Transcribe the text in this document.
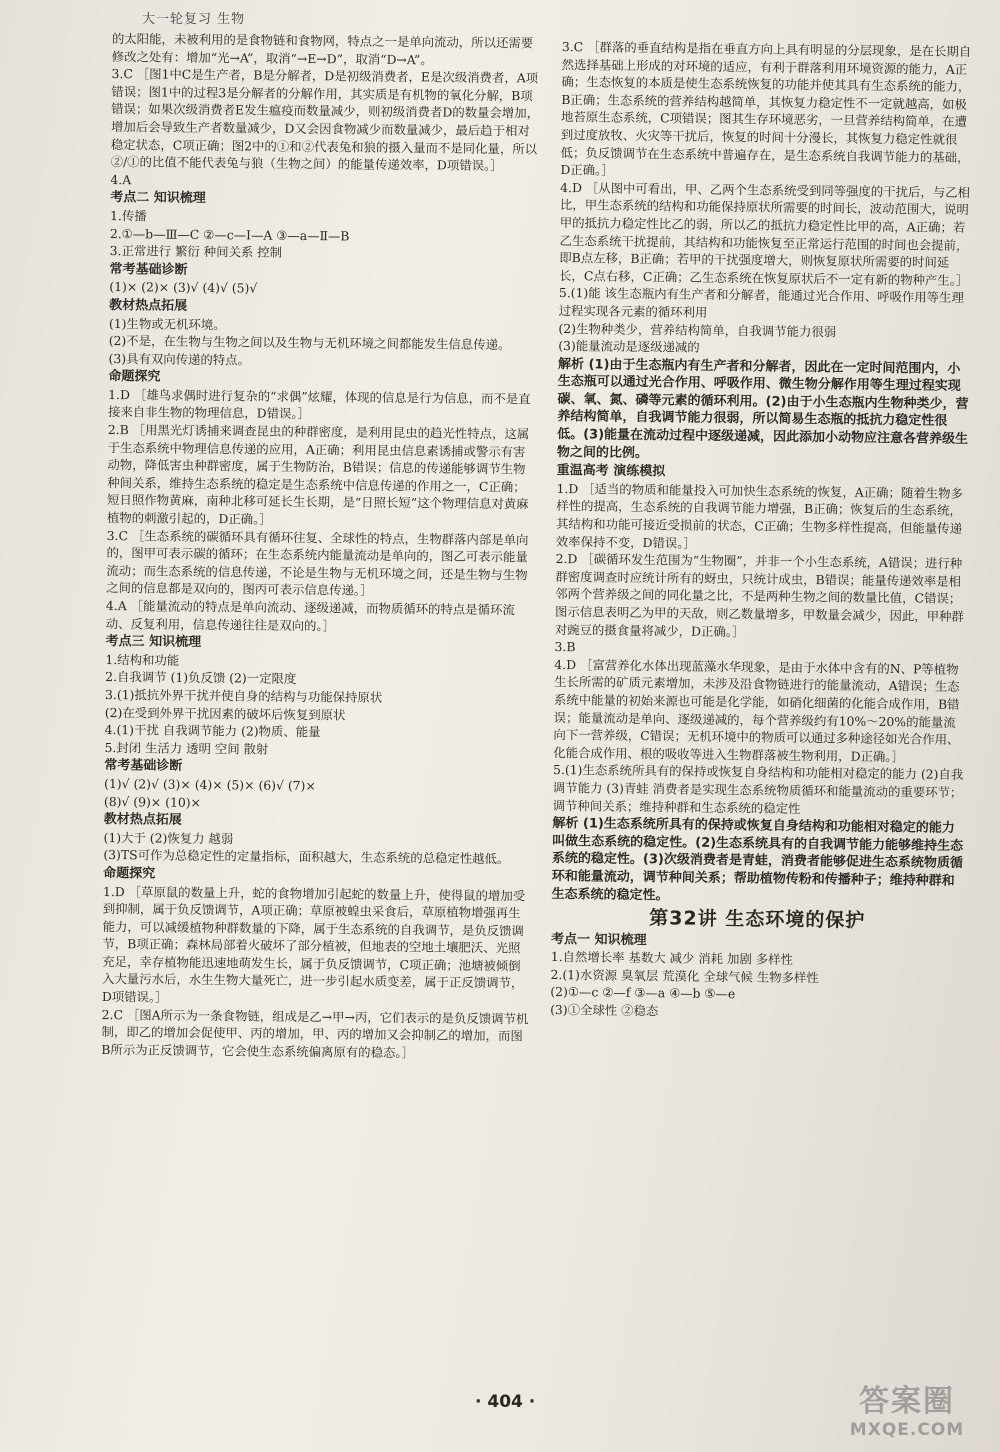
大一轮复习 生物

的太阳能，未被利用的是食物链和食物网，特点之一是单向流动，所以还需要修改之处有：增加“光→A”，取消“→E→D”，取消“D→A”。

3.C ［图1中C是生产者，B是分解者，D是初级消费者，E是次级消费者，A项错误；图1中的过程3是分解者的分解作用，其实质是有机物的氧化分解，B项错误；如果次级消费者E发生瘟疫而数量减少，则初级消费者D的数量会增加，增加后会导致生产者数量减少，D又会因食物减少而数量减少，最后趋于相对稳定状态，C项正确；图2中的①和②代表兔和狼的摄入量而不是同化量，所以②/①的比值不能代表兔与狼（生物之间）的能量传递效率，D项错误。］

4.A

考点二 知识梳理

1.传播

2.①—b—Ⅲ—C ②—c—Ⅰ—A ③—a—Ⅱ—B

3.正常进行 繁衍 种间关系 控制

常考基础诊断

(1)× (2)× (3)√ (4)√ (5)√

教材热点拓展

(1)生物或无机环境。

(2)不是，在生物与生物之间以及生物与无机环境之间都能发生信息传递。

(3)具有双向传递的特点。

命题探究

1.D ［雄鸟求偶时进行复杂的“求偶”炫耀，体现的信息是行为信息，而不是直接来自非生物的物理信息，D错误。］

2.B ［用黑光灯诱捕来调查昆虫的种群密度，是利用昆虫的趋光性特点，这属于生态系统中物理信息传递的应用，A正确；利用昆虫信息素诱捕或警示有害动物，降低害虫种群密度，属于生物防治，B错误；信息的传递能够调节生物种间关系，维持生态系统的稳定是生态系统中信息传递的作用之一，C正确；短日照作物黄麻，南种北移可延长生长期，是“日照长短”这个物理信息对黄麻植物的刺激引起的，D正确。］

3.C ［生态系统的碳循环具有循环往复、全球性的特点，生物群落内部是单向的，图甲可表示碳的循环；在生态系统内能量流动是单向的，图乙可表示能量流动；而生态系统的信息传递，不论是生物与无机环境之间，还是生物与生物之间的信息都是双向的，图丙可表示信息传递。］

4.A ［能量流动的特点是单向流动、逐级递减，而物质循环的特点是循环流动、反复利用，信息传递往往是双向的。］

考点三 知识梳理

1.结构和功能

2.自我调节 (1)负反馈 (2)一定限度

3.(1)抵抗外界干扰并使自身的结构与功能保持原状

(2)在受到外界干扰因素的破坏后恢复到原状

4.(1)干扰 自我调节能力 (2)物质、能量

5.封闭 生活力 透明 空间 散射

常考基础诊断

(1)√ (2)√ (3)× (4)× (5)× (6)√ (7)×

(8)√ (9)× (10)×

教材热点拓展

(1)大于 (2)恢复力 越弱

(3)TS可作为总稳定性的定量指标，面积越大，生态系统的总稳定性越低。

命题探究

1.D ［草原鼠的数量上升，蛇的食物增加引起蛇的数量上升，使得鼠的增加受到抑制，属于负反馈调节，A项正确；草原被蝗虫采食后，草原植物增强再生能力，可以减缓植物种群数量的下降，属于生态系统的自我调节，是负反馈调节，B项正确；森林局部着火破坏了部分植被，但地表的空地土壤肥沃、光照充足，幸存植物能迅速地萌发生长，属于负反馈调节，C项正确；池塘被倾倒入大量污水后，水生生物大量死亡，进一步引起水质变差，属于正反馈调节，D项错误。］

2.C ［图A所示为一条食物链，组成是乙→甲→丙，它们表示的是负反馈调节机制，即乙的增加会促使甲、丙的增加，甲、丙的增加又会抑制乙的增加，而图B所示为正反馈调节，它会使生态系统偏离原有的稳态。］

3.C ［群落的垂直结构是指在垂直方向上具有明显的分层现象，是在长期自然选择基础上形成的对环境的适应，有利于群落利用环境资源的能力，A正确；生态恢复的本质是使生态系统恢复的功能并使其具有生态系统的能力，B正确；生态系统的营养结构越简单，其恢复力稳定性不一定就越高，如极地苔原生态系统，C项错误；图其生存环境恶劣，一旦营养结构简单，在遭到过度放牧、火灾等干扰后，恢复的时间十分漫长，其恢复力稳定性就很低；负反馈调节在生态系统中普遍存在，是生态系统自我调节能力的基础，D正确。］

4.D ［从图中可看出，甲、乙两个生态系统受到同等强度的干扰后，与乙相比，甲生态系统的结构和功能保持原状所需要的时间长，波动范围大，说明甲的抵抗力稳定性比乙的弱，所以乙的抵抗力稳定性比甲的高，A正确；若乙生态系统干扰提前，其结构和功能恢复至正常运行范围的时间也会提前，即B点左移，B正确；若甲的干扰强度增大，则恢复原状所需要的时间延长，C点右移，C正确；乙生态系统在恢复原状后不一定有新的物种产生。］

5.(1)能 该生态瓶内有生产者和分解者，能通过光合作用、呼吸作用等生理过程实现各元素的循环利用

(2)生物种类少，营养结构简单，自我调节能力很弱

(3)能量流动是逐级递减的

解析 (1)由于生态瓶内有生产者和分解者，因此在一定时间范围内，小生态瓶可以通过光合作用、呼吸作用、微生物分解作用等生理过程实现碳、氧、氮、磷等元素的循环利用。(2)由于小生态瓶内生物种类少，营养结构简单，自我调节能力很弱，所以简易生态瓶的抵抗力稳定性很低。(3)能量在流动过程中逐级递减，因此添加小动物应注意各营养级生物之间的比例。

重温高考 演练模拟

1.D ［适当的物质和能量投入可加快生态系统的恢复，A正确；随着生物多样性的提高，生态系统的自我调节能力增强，B正确；恢复后的生态系统，其结构和功能可接近受损前的状态，C正确；生物多样性提高，但能量传递效率保持不变，D错误。］

2.D ［碳循环发生范围为“生物圈”，并非一个小生态系统，A错误；进行种群密度调查时应统计所有的蚜虫，只统计成虫，B错误；能量传递效率是相邻两个营养级之间的同化量之比，不是两种生物之间的数量比值，C错误；图示信息表明乙为甲的天敌，则乙数量增多，甲数量会减少，因此，甲种群对豌豆的摄食量将减少，D正确。］

3.B

4.D ［富营养化水体出现蓝藻水华现象，是由于水体中含有的N、P等植物生长所需的矿质元素增加，未涉及沿食物链进行的能量流动，A错误；生态系统中能量的初始来源也可能是化学能，如硝化细菌的化能合成作用，B错误；能量流动是单向、逐级递减的，每个营养级约有10%～20%的能量流向下一营养级，C错误；无机环境中的物质可以通过多种途径如光合作用、化能合成作用、根的吸收等进入生物群落被生物利用，D正确。］

5.(1)生态系统所具有的保持或恢复自身结构和功能相对稳定的能力 (2)自我调节能力 (3)青蛙 消费者是实现生态系统物质循环和能量流动的重要环节；调节种间关系；维持种群和生态系统的稳定性

解析 (1)生态系统所具有的保持或恢复自身结构和功能相对稳定的能力叫做生态系统的稳定性。(2)生态系统具有的自我调节能力能够维持生态系统的稳定性。(3)次级消费者是青蛙，消费者能够促进生态系统物质循环和能量流动，调节种间关系；帮助植物传粉和传播种子；维持种群和生态系统的稳定性。

第32讲 生态环境的保护

考点一 知识梳理

1.自然增长率 基数大 减少 消耗 加剧 多样性

2.(1)水资源 臭氧层 荒漠化 全球气候 生物多样性

(2)①—c ②—f ③—a ④—b ⑤—e

(3)①全球性 ②稳态

· 404 ·	答案圈
MXQE.COM
